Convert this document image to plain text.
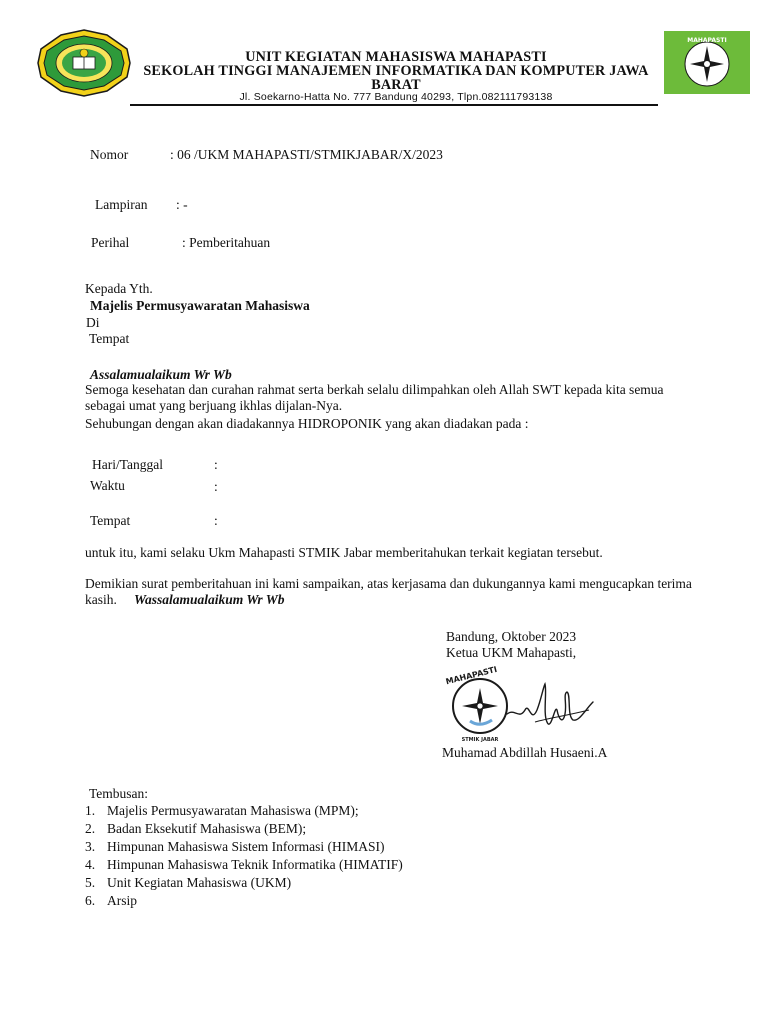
UNIT KEGIATAN MAHASISWA MAHAPASTI
SEKOLAH TINGGI MANAJEMEN INFORMATIKA DAN KOMPUTER JAWA
BARAT
Jl. Soekarno-Hatta No. 777 Bandung 40293, Tlpn.082111793138
MAHAPASTI
Nomor	: 06 /UKM MAHAPASTI/STMIKJABAR/X/2023
Lampiran : -
Perihal	: Pemberitahuan
Kepada Yth.
Majelis Permusyawaratan Mahasiswa
Di
Tempat
Assalamualaikum Wr Wb
Semoga kesehatan dan curahan rahmat serta berkah selalu dilimpahkan oleh Allah SWT kepada kita semua
sebagai umat yang berjuang ikhlas dijalan-Nya.
Sehubungan dengan akan diadakannya HIDROPONIK yang akan diadakan pada :
Hari/Tanggal	:
Waktu	:
Tempat	:
untuk itu, kami selaku Ukm Mahapasti STMIK Jabar memberitahukan terkait kegiatan tersebut.
Demikian surat pemberitahuan ini kami sampaikan, atas kerjasama dan dukungannya kami mengucapkan terima
kasih. Wassalamualaikum Wr Wb
Bandung, Oktober 2023
Ketua UKM Mahapasti,
MAHAPASTI
STMIK JABAR
Muhamad Abdillah Husaeni.A
Tembusan:
1. Majelis Permusyawaratan Mahasiswa (MPM);
2. Badan Eksekutif Mahasiswa (BEM);
3. Himpunan Mahasiswa Sistem Informasi (HIMASI)
4. Himpunan Mahasiswa Teknik Informatika (HIMATIF)
5. Unit Kegiatan Mahasiswa (UKM)
6. Arsip
